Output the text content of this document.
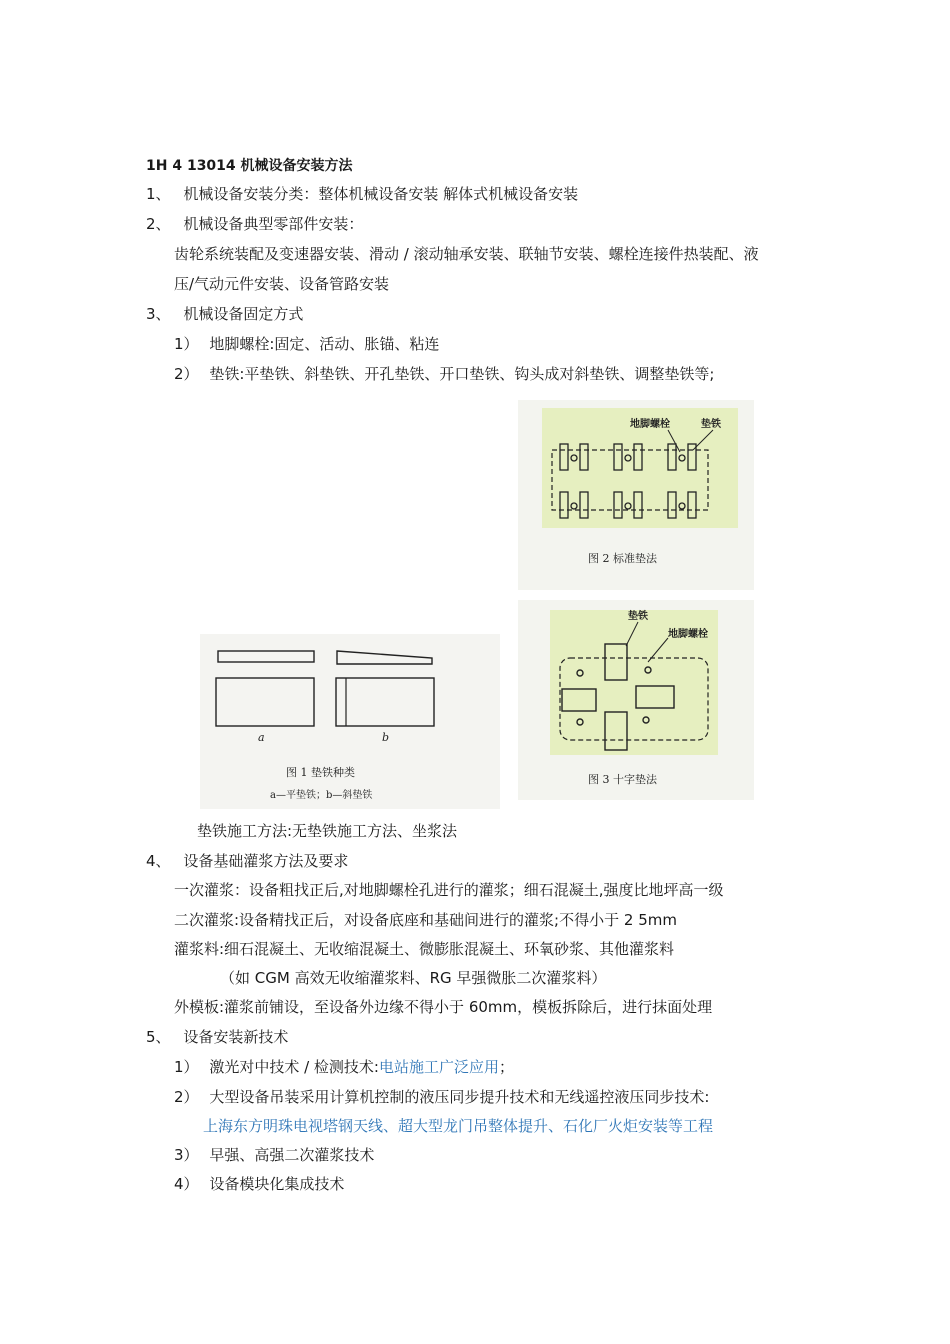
1H 4 13014 机械设备安装方法
1、 机械设备安装分类：整体机械设备安装 解体式机械设备安装
2、 机械设备典型零部件安装：
齿轮系统装配及变速器安装、滑动 / 滚动轴承安装、联轴节安装、螺栓连接件热装配、液
压/气动元件安装、设备管路安装
3、 机械设备固定方式
1） 地脚螺栓:固定、活动、胀锚、粘连
2） 垫铁:平垫铁、斜垫铁、开孔垫铁、开口垫铁、钩头成对斜垫铁、调整垫铁等;
a	b
图 1 垫铁种类
a—平垫铁；b—斜垫铁
地脚螺栓	垫铁
图 2 标准垫法
垫铁
地脚螺栓
图 3 十字垫法
垫铁施工方法:无垫铁施工方法、坐浆法
4、 设备基础灌浆方法及要求
一次灌浆：设备粗找正后,对地脚螺栓孔进行的灌浆；细石混凝土,强度比地坪高一级
二次灌浆:设备精找正后，对设备底座和基础间进行的灌浆;不得小于 2 5mm
灌浆料:细石混凝土、无收缩混凝土、微膨胀混凝土、环氧砂浆、其他灌浆料
（如 CGM 高效无收缩灌浆料、RG 早强微胀二次灌浆料）
外模板:灌浆前铺设，至设备外边缘不得小于 60mm，模板拆除后，进行抹面处理
5、 设备安装新技术
1） 激光对中技术 / 检测技术:电站施工广泛应用；
2） 大型设备吊装采用计算机控制的液压同步提升技术和无线遥控液压同步技术:
上海东方明珠电视塔钢天线、超大型龙门吊整体提升、石化厂火炬安装等工程
3） 早强、高强二次灌浆技术
4） 设备模块化集成技术
